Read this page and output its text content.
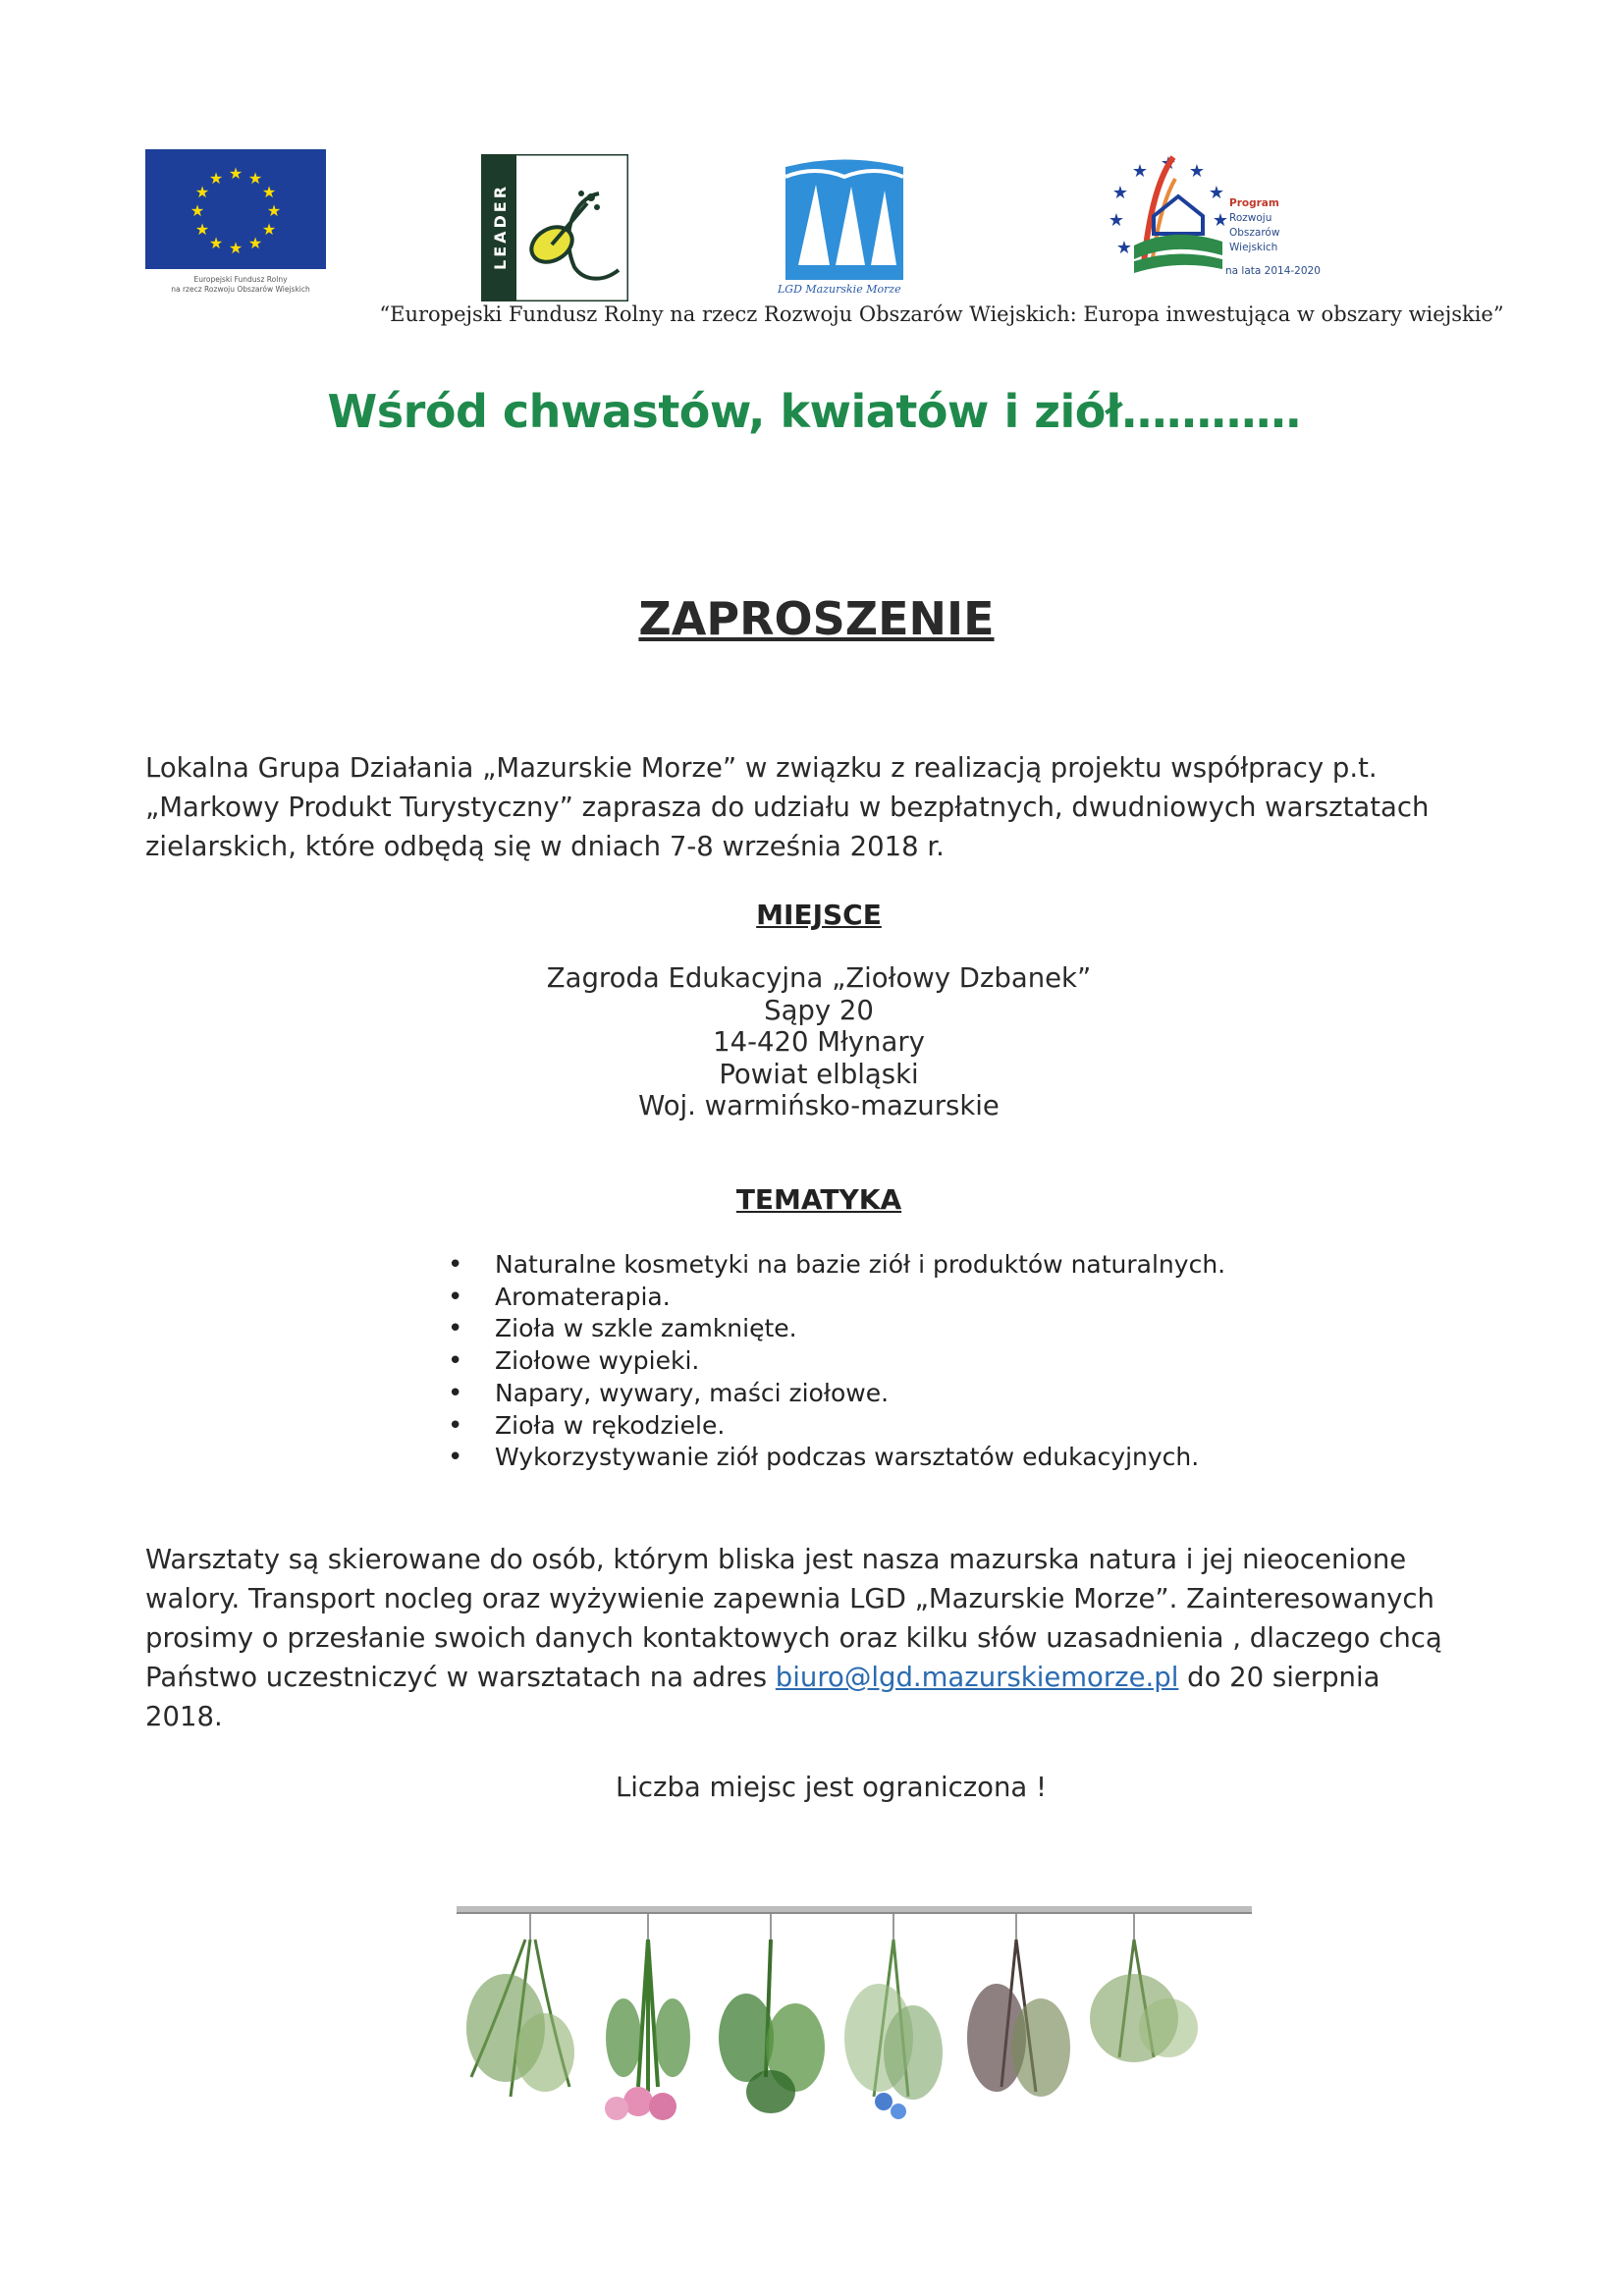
★ ★
★
★
★
★
★
★
★
★
★
★
Europejski Fundusz Rolny
na rzecz Rozwoju Obszarów Wiejskich
LEADER
LGD Mazurskie Morze
★ ★
★
★
★
★
★
★
Program
Rozwoju
Obszarów
Wiejskich
na lata 2014-2020
“Europejski Fundusz Rolny na rzecz Rozwoju Obszarów Wiejskich: Europa inwestująca w obszary wiejskie”
Wśród chwastów, kwiatów i ziół…………
ZAPROSZENIE
Lokalna Grupa Działania „Mazurskie Morze” w związku z realizacją projektu współpracy p.t.
„Markowy Produkt Turystyczny” zaprasza do udziału w bezpłatnych, dwudniowych warsztatach
zielarskich, które odbędą się w dniach 7-8 września 2018 r.
MIEJSCE
Zagroda Edukacyjna „Ziołowy Dzbanek”
Sąpy 20
14-420 Młynary
Powiat elbląski
Woj. warmińsko-mazurskie
TEMATYKA
• Naturalne kosmetyki na bazie ziół i produktów naturalnych.
• Aromaterapia.
• Zioła w szkle zamknięte.
• Ziołowe wypieki.
• Napary, wywary, maści ziołowe.
• Zioła w rękodziele.
• Wykorzystywanie ziół podczas warsztatów edukacyjnych.
Warsztaty są skierowane do osób, którym bliska jest nasza mazurska natura i jej nieocenione
walory. Transport nocleg oraz wyżywienie zapewnia LGD „Mazurskie Morze”. Zainteresowanych
prosimy o przesłanie swoich danych kontaktowych oraz kilku słów uzasadnienia , dlaczego chcą
Państwo uczestniczyć w warsztatach na adres biuro@lgd.mazurskiemorze.pl do 20 sierpnia
2018.
Liczba miejsc jest ograniczona !
